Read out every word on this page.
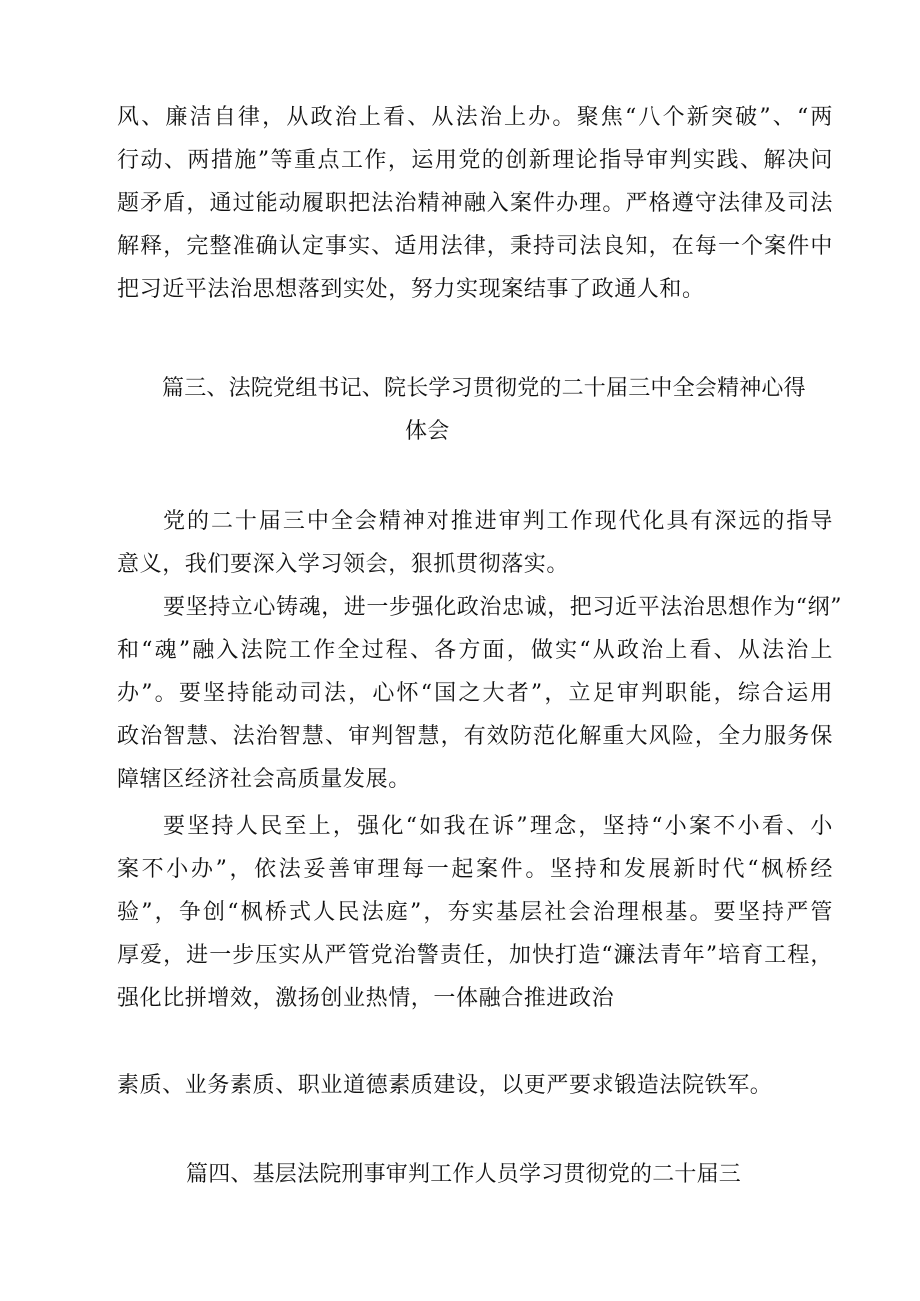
风、廉洁自律，从政治上看、从法治上办。聚焦“八个新突破”、“两
行动、两措施”等重点工作，运用党的创新理论指导审判实践、解决问
题矛盾，通过能动履职把法治精神融入案件办理。严格遵守法律及司法
解释，完整准确认定事实、适用法律，秉持司法良知，在每一个案件中
把习近平法治思想落到实处，努力实现案结事了政通人和。
篇三、法院党组书记、院长学习贯彻党的二十届三中全会精神心得
体会
党的二十届三中全会精神对推进审判工作现代化具有深远的指导
意义，我们要深入学习领会，狠抓贯彻落实。
要坚持立心铸魂，进一步强化政治忠诚，把习近平法治思想作为“纲”
和“魂”融入法院工作全过程、各方面，做实“从政治上看、从法治上
办”。要坚持能动司法，心怀“国之大者”，立足审判职能，综合运用
政治智慧、法治智慧、审判智慧，有效防范化解重大风险，全力服务保
障辖区经济社会高质量发展。
要坚持人民至上，强化“如我在诉”理念，坚持“小案不小看、小
案不小办”，依法妥善审理每一起案件。坚持和发展新时代“枫桥经
验”，争创“枫桥式人民法庭”，夯实基层社会治理根基。要坚持严管
厚爱，进一步压实从严管党治警责任，加快打造“濂法青年”培育工程，
强化比拼增效，激扬创业热情，一体融合推进政治
素质、业务素质、职业道德素质建设，以更严要求锻造法院铁军。
篇四、基层法院刑事审判工作人员学习贯彻党的二十届三
